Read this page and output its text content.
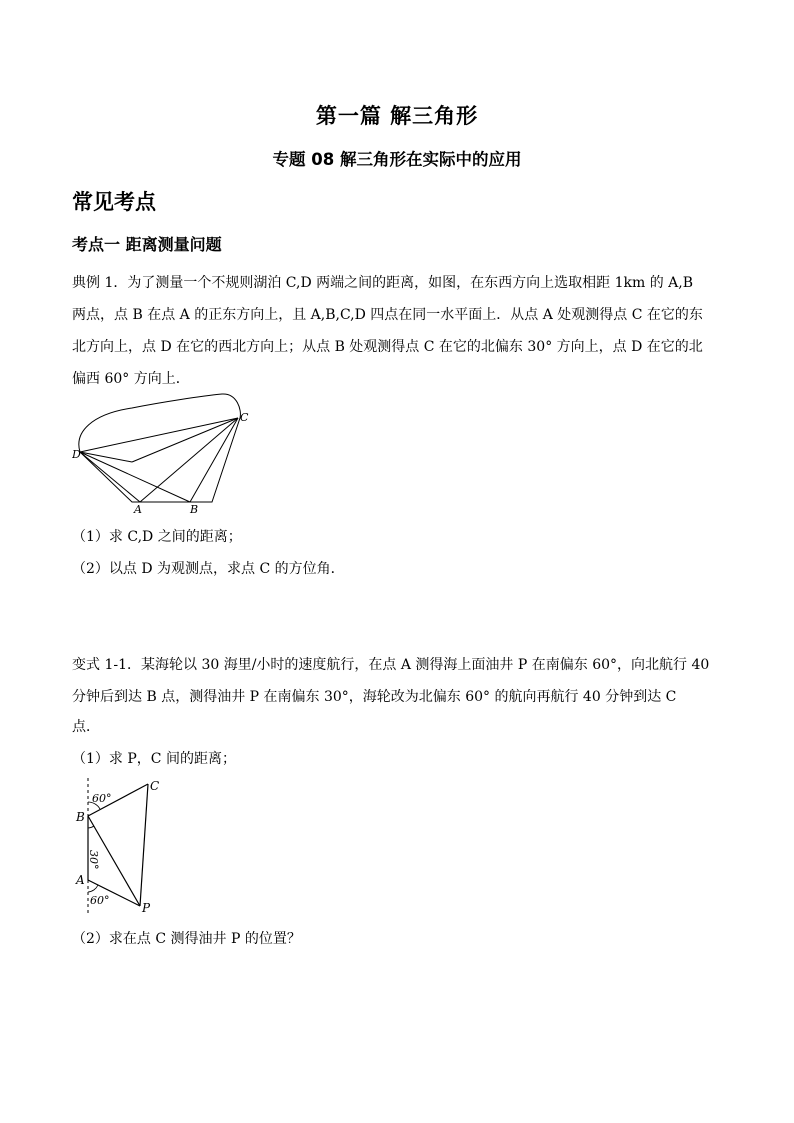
第一篇 解三角形
专题 08 解三角形在实际中的应用
常见考点
考点一 距离测量问题
典例 1．为了测量一个不规则湖泊 C,D 两端之间的距离，如图，在东西方向上选取相距 1km 的 A,B
两点，点 B 在点 A 的正东方向上，且 A,B,C,D 四点在同一水平面上．从点 A 处观测得点 C 在它的东
北方向上，点 D 在它的西北方向上；从点 B 处观测得点 C 在它的北偏东 30° 方向上，点 D 在它的北
偏西 60° 方向上．
C
D
A	B
（1）求 C,D 之间的距离；
（2）以点 D 为观测点，求点 C 的方位角．
变式 1-1．某海轮以 30 海里/小时的速度航行，在点 A 测得海上面油井 P 在南偏东 60°，向北航行 40
分钟后到达 B 点，测得油井 P 在南偏东 30°，海轮改为北偏东 60° 的航向再航行 40 分钟到达 C
点．
（1）求 P，C 间的距离；
60°
30°
60°
C
B
A
P
（2）求在点 C 测得油井 P 的位置？
